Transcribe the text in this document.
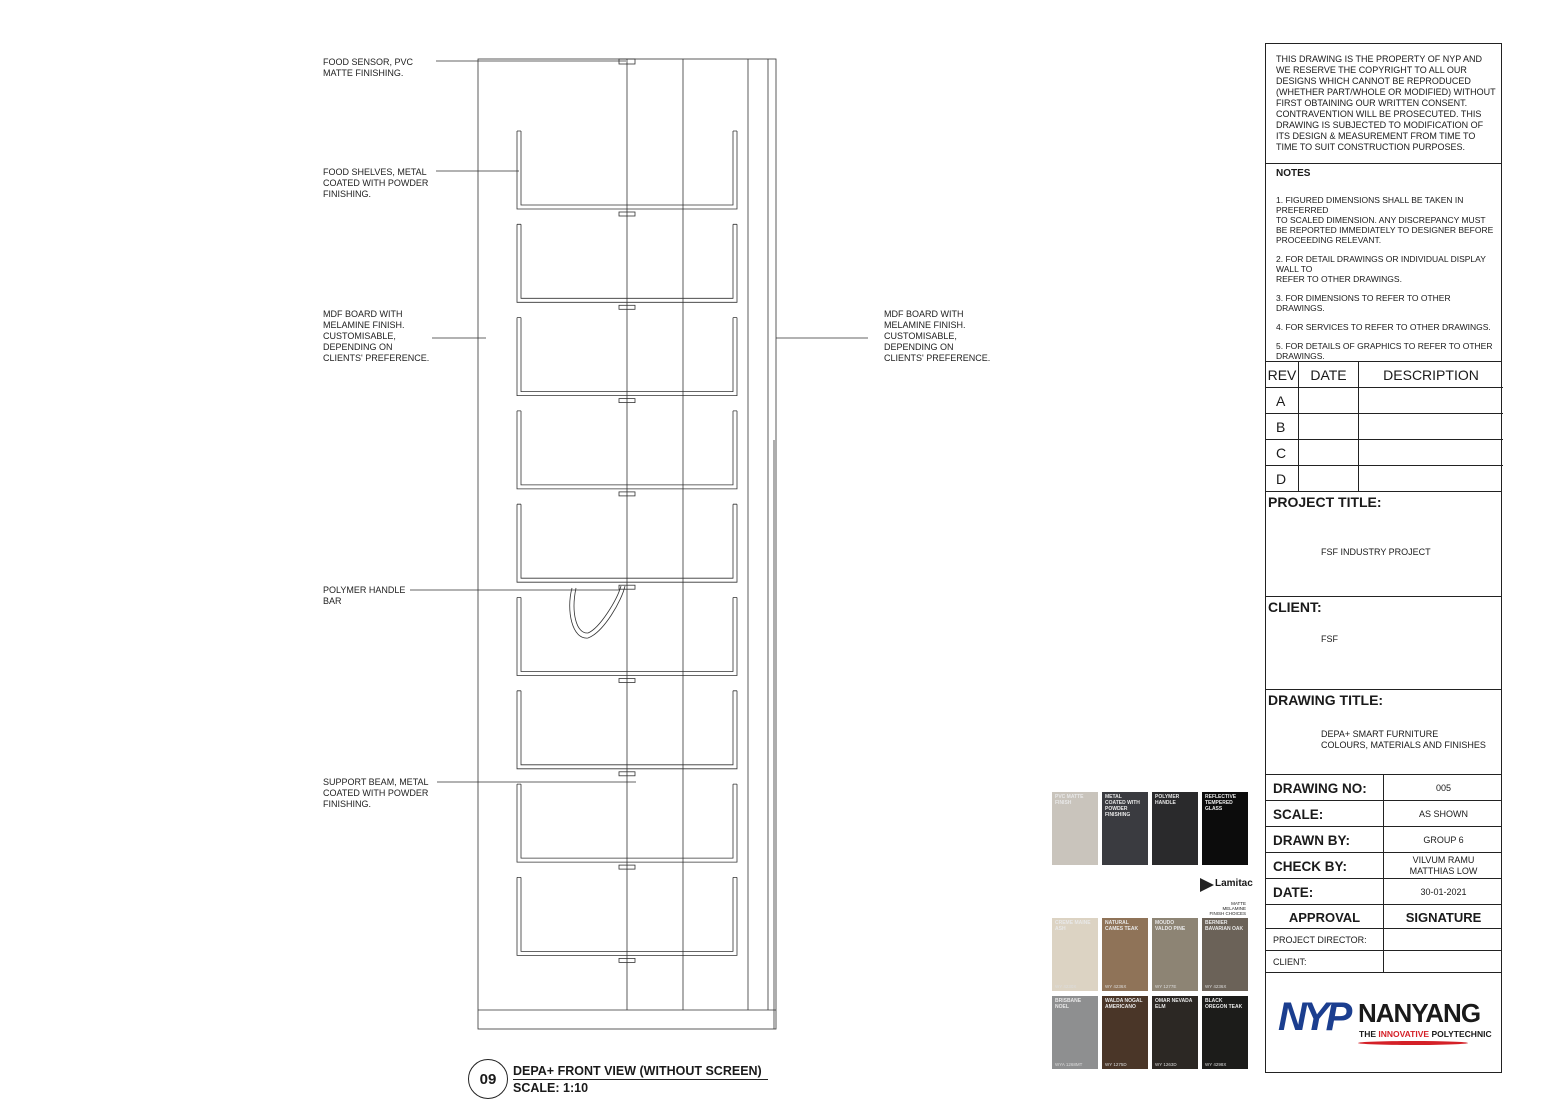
FOOD SENSOR, PVC
MATTE FINISHING.
FOOD SHELVES, METAL
COATED WITH POWDER
FINISHING.
MDF BOARD WITH
MELAMINE FINISH.
CUSTOMISABLE,
DEPENDING ON
CLIENTS' PREFERENCE.
MDF BOARD WITH
MELAMINE FINISH.
CUSTOMISABLE,
DEPENDING ON
CLIENTS' PREFERENCE.
POLYMER HANDLE
BAR
SUPPORT BEAM, METAL
COATED WITH POWDER
FINISHING.
09	DEPA+ FRONT VIEW (WITHOUT SCREEN)
SCALE: 1:10
PVC MATTE
FINISH
METAL
COATED WITH
POWDER
FINISHING
POLYMER
HANDLE
REFLECTIVE
TEMPERED
GLASS
Lamitac
MATTE MELAMINE
FINISH CHOICES
CREME MAINE
ASH
WY 4230X
NATURAL
CAMES TEAK
WY 4236X
MOUDO
VALDO PINE
WY 1277E
BERNIER
BAVARIAN OAK
WY 4236X
BRISBANE
NOEL
WYA 1268MT
WALDA NOGAL
AMERICANO
WY 1275D
OMAR NEVADA
ELM
WY 1263D
BLACK
OREGON TEAK
WY 4298X
THIS DRAWING IS THE PROPERTY OF NYP AND WE RESERVE THE COPYRIGHT TO ALL OUR DESIGNS WHICH CANNOT BE REPRODUCED (WHETHER PART/WHOLE OR MODIFIED) WITHOUT FIRST OBTAINING OUR WRITTEN CONSENT. CONTRAVENTION WILL BE PROSECUTED. THIS DRAWING IS SUBJECTED TO MODIFICATION OF ITS DESIGN & MEASUREMENT FROM TIME TO TIME TO SUIT CONSTRUCTION PURPOSES.
NOTES
1. FIGURED DIMENSIONS SHALL BE TAKEN IN PREFERRED
TO SCALED DIMENSION. ANY DISCREPANCY MUST BE REPORTED IMMEDIATELY TO DESIGNER BEFORE PROCEEDING RELEVANT.
2. FOR DETAIL DRAWINGS OR INDIVIDUAL DISPLAY WALL TO
REFER TO OTHER DRAWINGS.
3. FOR DIMENSIONS TO REFER TO OTHER DRAWINGS.
4. FOR SERVICES TO REFER TO OTHER DRAWINGS.
5. FOR DETAILS OF GRAPHICS TO REFER TO OTHER DRAWINGS.
REV DATE	DESCRIPTION
A
B
C
D
PROJECT TITLE:
FSF INDUSTRY PROJECT
CLIENT:
FSF
DRAWING TITLE:
DEPA+ SMART FURNITURE
COLOURS, MATERIALS AND FINISHES
DRAWING NO:	005
SCALE:	AS SHOWN
DRAWN BY:	GROUP 6
CHECK BY:	VILVUM RAMU
MATTHIAS LOW
DATE:	30-01-2021
APPROVAL	SIGNATURE
PROJECT DIRECTOR:
CLIENT:
NYP NANYANG
THE INNOVATIVE POLYTECHNIC
